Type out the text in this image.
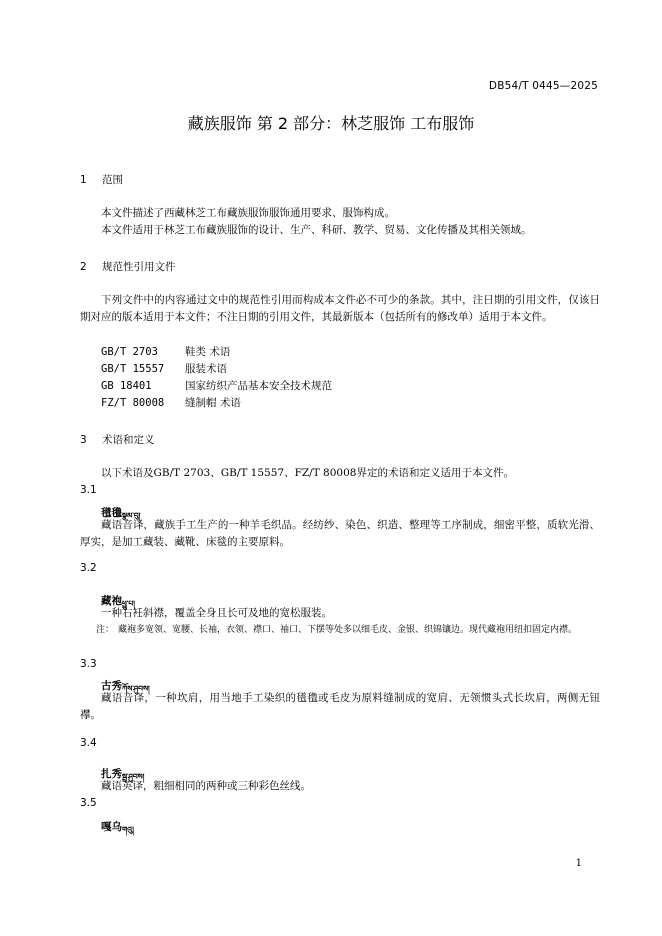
DB54/T 0445—2025
藏族服饰 第 2 部分：林芝服饰 工布服饰
1 范围
本文件描述了西藏林芝工布藏族服饰服饰通用要求、服饰构成。
本文件适用于林芝工布藏族服饰的设计、生产、科研、教学、贸易、文化传播及其相关领域。
2 规范性引用文件
下列文件中的内容通过文中的规范性引用而构成本文件必不可少的条款。其中，注日期的引用文件，仅该日期对应的版本适用于本文件；不注日期的引用文件，其最新版本（包括所有的修改单）适用于本文件。
GB/T 2703	鞋类 术语
GB/T 15557 服装术语
GB 18401	国家纺织产品基本安全技术规范
FZ/T 80008 缝制帽 术语
3 术语和定义
以下术语及GB/T 2703、GB/T 15557、FZ/T 80008界定的术语和定义适用于本文件。
3.1
氆氇སྣམ་བུ།
藏语音译，藏族手工生产的一种羊毛织品。经纺纱、染色、织造、整理等工序制成，细密平整，质软光滑、厚实，是加工藏装、藏靴、床毯的主要原料。
3.2
藏袍ཕྱུ་པ།
一种右衽斜襟，覆盖全身且长可及地的宽松服装。
注： 藏袍多宽领、宽腰、长袖，衣领、襟口、袖口、下摆等处多以细毛皮、金银、织锦镶边。现代藏袍用纽扣固定内襟。
3.3
古秀ཀོས་ཤུབས།
藏语音译，一种坎肩，用当地手工染织的氆氇或毛皮为原料缝制成的宽肩、无领惯头式长坎肩，两侧无钮襻。
3.4
扎秀སྦྲ་ཤུབས།
藏语英译，粗细相同的两种或三种彩色丝线。
3.5
嘎乌གའུ།
1
